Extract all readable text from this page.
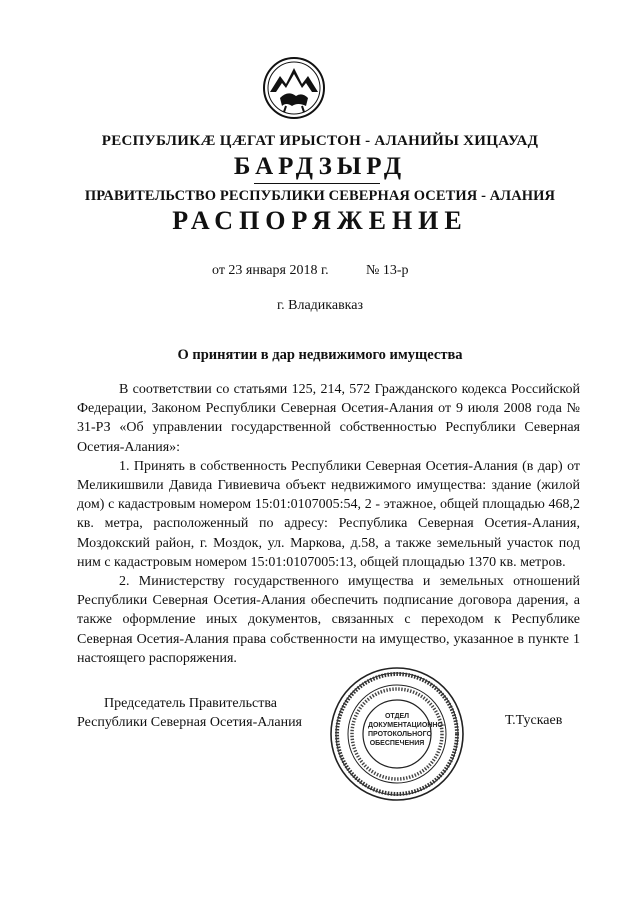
РЕСПУБЛИКӔ ЦӔГАТ ИРЫСТОН - АЛАНИЙЫ ХИЦАУАД
БАРДЗЫРД
ПРАВИТЕЛЬСТВО РЕСПУБЛИКИ СЕВЕРНАЯ ОСЕТИЯ - АЛАНИЯ
РАСПОРЯЖЕНИЕ
от 23 января 2018 г.	№ 13-р
г. Владикавказ
О принятии в дар недвижимого имущества

В соответствии со статьями 125, 214, 572 Гражданского кодекса Российской Федерации, Законом Республики Северная Осетия-Алания от 9 июля 2008 года № 31-РЗ «Об управлении государственной собственностью Республики Северная Осетия-Алания»:

1. Принять в собственность Республики Северная Осетия-Алания (в дар) от Меликишвили Давида Гивиевича объект недвижимого имущества: здание (жилой дом) с кадастровым номером 15:01:0107005:54, 2 - этажное, общей площадью 468,2 кв. метра, расположенный по адресу: Республика Северная Осетия-Алания, Моздокский район, г. Моздок, ул. Маркова, д.58, а также земельный участок под ним с кадастровым номером 15:01:0107005:13, общей площадью 1370 кв. метров.

2. Министерству государственного имущества и земельных отношений Республики Северная Осетия-Алания обеспечить подписание договора дарения, а также оформление иных документов, связанных с переходом к Республике Северная Осетия-Алания права собственности на имущество, указанное в пункте 1 настоящего распоряжения.

Председатель Правительства
Республики Северная Осетия-Алания	ОТДЕЛ
ДОКУМЕНТАЦИОННО-
ПРОТОКОЛЬНОГО
ОБЕСПЕЧЕНИЯ
Т.Тускаев
